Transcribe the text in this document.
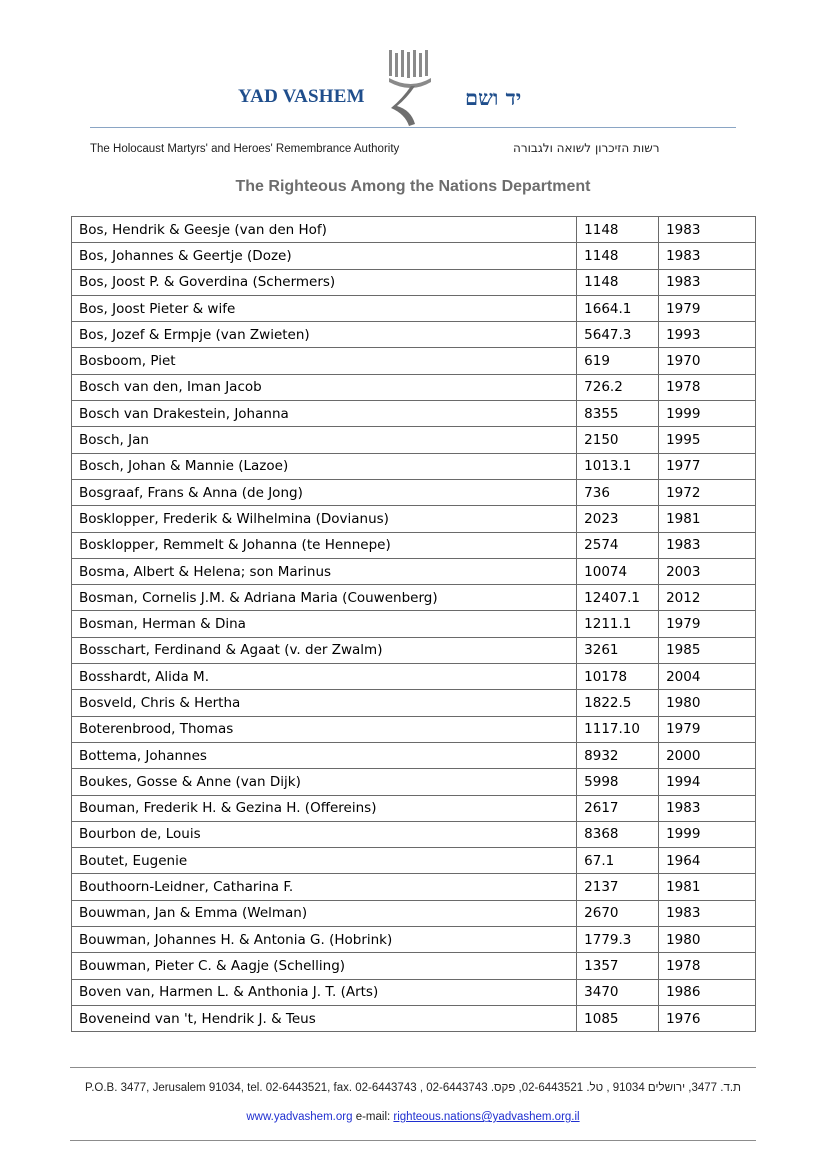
YAD VASHEM	יד ושם
The Holocaust Martyrs' and Heroes' Remembrance Authority	רשות הזיכרון לשואה ולגבורה
The Righteous Among the Nations Department
Bos, Hendrik & Geesje (van den Hof)	1148	1983
Bos, Johannes & Geertje (Doze)	1148	1983
Bos, Joost P. & Goverdina (Schermers)	1148	1983
Bos, Joost Pieter & wife	1664.1	1979
Bos, Jozef & Ermpje (van Zwieten)	5647.3	1993
Bosboom, Piet	619	1970
Bosch van den, Iman Jacob	726.2	1978
Bosch van Drakestein, Johanna	8355	1999
Bosch, Jan	2150	1995
Bosch, Johan & Mannie (Lazoe)	1013.1	1977
Bosgraaf, Frans & Anna (de Jong)	736	1972
Bosklopper, Frederik & Wilhelmina (Dovianus)	2023	1981
Bosklopper, Remmelt & Johanna (te Hennepe)	2574	1983
Bosma, Albert & Helena; son Marinus	10074	2003
Bosman, Cornelis J.M. & Adriana Maria (Couwenberg)	12407.1	2012
Bosman, Herman & Dina	1211.1	1979
Bosschart, Ferdinand & Agaat (v. der Zwalm)	3261	1985
Bosshardt, Alida M.	10178	2004
Bosveld, Chris & Hertha	1822.5	1980
Boterenbrood, Thomas	1117.10	1979
Bottema, Johannes	8932	2000
Boukes, Gosse & Anne (van Dijk)	5998	1994
Bouman, Frederik H. & Gezina H. (Offereins)	2617	1983
Bourbon de, Louis	8368	1999
Boutet, Eugenie	67.1	1964
Bouthoorn-Leidner, Catharina F.	2137	1981
Bouwman, Jan & Emma (Welman)	2670	1983
Bouwman, Johannes H. & Antonia G. (Hobrink)	1779.3	1980
Bouwman, Pieter C. & Aagje (Schelling)	1357	1978
Boven van, Harmen L. & Anthonia J. T. (Arts)	3470	1986
Boveneind van 't, Hendrik J. & Teus	1085	1976
P.O.B. 3477, Jerusalem 91034, tel. 02-6443521, fax. 02-6443743 , ת.ד. 3477, ירושלים 91034 , טל. 02-6443521, פקס. 02-6443743
www.yadvashem.org e-mail: righteous.nations@yadvashem.org.il
